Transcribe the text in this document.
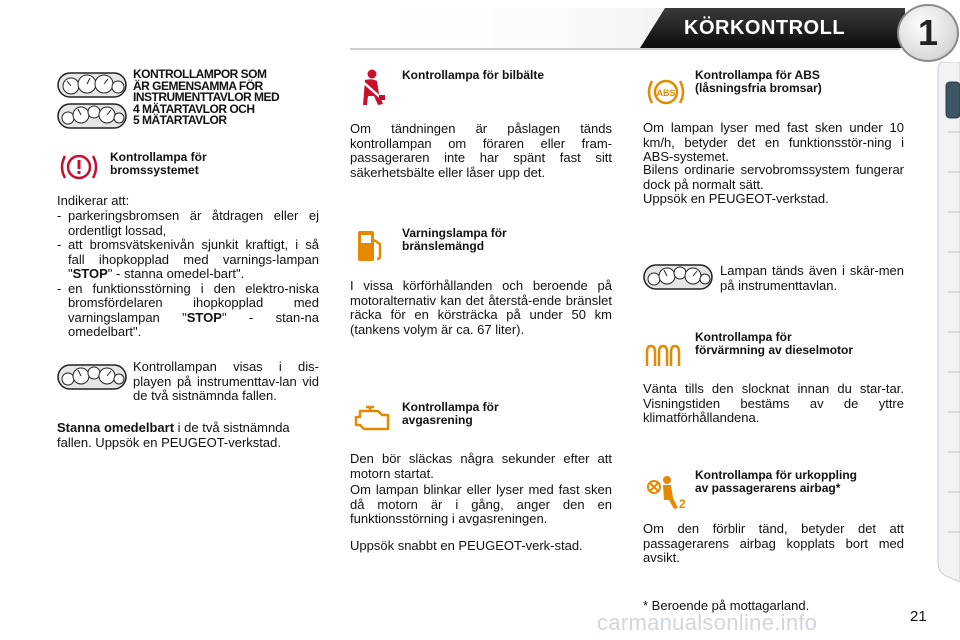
KÖRKONTROLL	1
KONTROLLAMPOR SOM
ÄR GEMENSAMMA FÖR
INSTRUMENTTAVLOR MED
4 MÄTARTAVLOR OCH
5 MÄTARTAVLOR
Kontrollampa för
bromssystemet
Indikerar att:
- parkeringsbromsen är åtdragen eller ej ordentligt lossad,
- att bromsvätskenivån sjunkit kraftigt, i så fall ihopkopplad med varnings-lampan "STOP" - stanna omedel-bart".
- en funktionsstörning i den elektro-niska bromsfördelaren ihopkopplad med varningslampan "STOP" - stan-na omedelbart".
Kontrollampan visas i dis-playen på instrumenttav-lan vid de två sistnämnda fallen.
Stanna omedelbart i de två sistnämnda fallen. Uppsök en PEUGEOT-verkstad.
Kontrollampa för bilbälte
Om tändningen är påslagen tänds kontrollampan om föraren eller fram-passageraren inte har spänt fast sitt säkerhetsbälte eller låser upp det.
Varningslampa för
bränslemängd
I vissa körförhållanden och beroende på motoralternativ kan det återstå-ende bränslet räcka för en körsträcka på under 50 km (tankens volym är ca. 67 liter).
Kontrollampa för
avgasrening
Den bör släckas några sekunder efter att motorn startat.
Om lampan blinkar eller lyser med fast sken då motorn är i gång, anger den en funktionsstörning i avgasreningen.
Uppsök snabbt en PEUGEOT-verk-stad.
ABS
Kontrollampa för ABS
(låsningsfria bromsar)
Om lampan lyser med fast sken under 10 km/h, betyder det en funktionsstör-ning i ABS-systemet.
Bilens ordinarie servobromssystem fungerar dock på normalt sätt.
Uppsök en PEUGEOT-verkstad.
Lampan tänds även i skär-men på instrumenttavlan.
Kontrollampa för
förvärmning av dieselmotor
Vänta tills den slocknat innan du star-tar. Visningstiden bestäms av de yttre klimatförhållandena.
2
Kontrollampa för urkoppling
av passagerarens airbag*
Om den förblir tänd, betyder det att passagerarens airbag kopplats bort med avsikt.
* Beroende på mottagarland.
carmanualsonline.info	21
